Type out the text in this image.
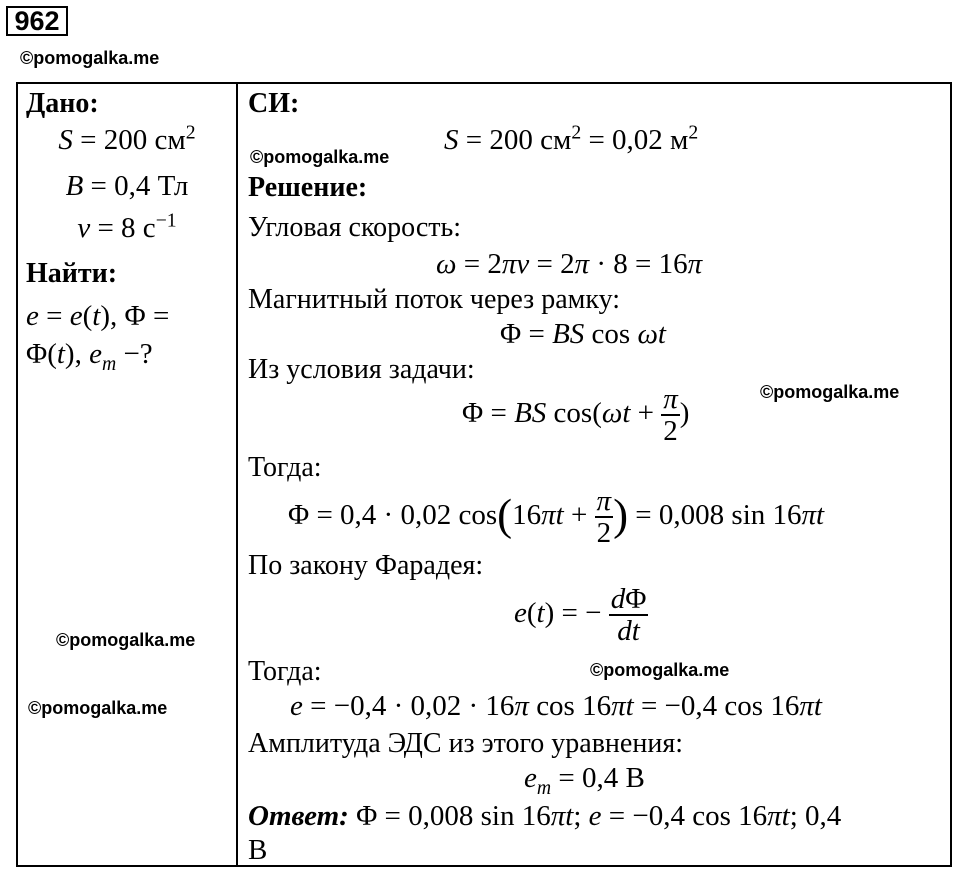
962
©pomogalka.me
Дано:
S = 200 $см^2$
B = 0,4 Тл
ν = 8 $с^{-1}$
Найти:
e = e(t), Φ =
Φ(t), $e_m$ −?
©pomogalka.me
©pomogalka.me
СИ:
S = 200 $см^2 = 0,02$ $м^2$
©pomogalka.me
Решение:
Угловая скорость:
ω = 2πν = 2π · 8 = 16π
Магнитный поток через рамку:
Φ = BS cos ωt
Из условия задачи:
©pomogalka.me
Φ = BS $\cos(\omega t + \frac{\pi}{2}$ )
Тогда:
Φ = 0,4 · 0,02 $\cos(16\pi t + \frac{\pi}{2}$ ) = 0,008 sin 16πt
По закону Фарадея:
e(t) = − $\frac{d\Phi}{dt}$
Тогда:	©pomogalka.me
e = −0,4 · 0,02 · 16π cos 16πt = −0,4 cos 16πt
Амплитуда ЭДС из этого уравнения:
$e_m = 0,4$ В
Ответ: Φ = 0,008 sin 16πt; e = −0,4 cos 16πt; 0,4
В
